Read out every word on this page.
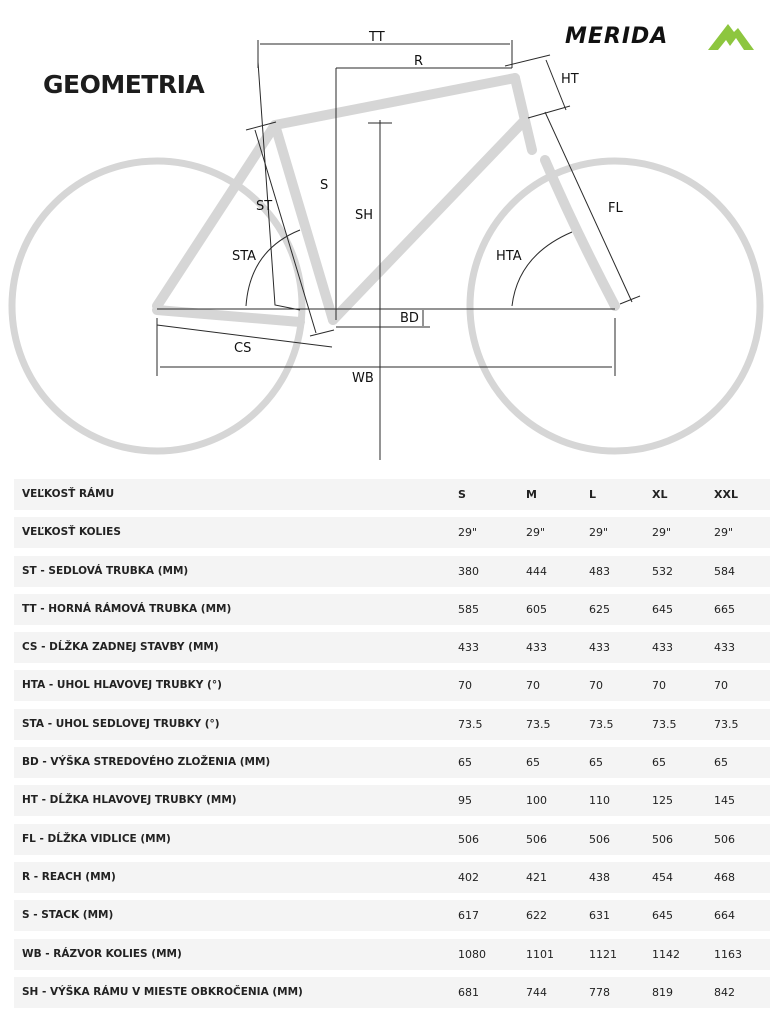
GEOMETRIA
MERIDA
TT
R
HT
S
ST
SH	FL
STA	HTA
BD
CS
WB
VEĽKOSŤ RÁMU	S	M	L	XL	XXL
VEĽKOSŤ KOLIES	29"	29"	29"	29"	29"
ST - SEDLOVÁ TRUBKA (MM)	380	444	483	532	584
TT - HORNÁ RÁMOVÁ TRUBKA (MM)	585	605	625	645	665
CS - DĹŽKA ZADNEJ STAVBY (MM)	433	433	433	433	433
HTA - UHOL HLAVOVEJ TRUBKY (°)	70	70	70	70	70
STA - UHOL SEDLOVEJ TRUBKY (°)	73.5	73.5	73.5	73.5	73.5
BD - VÝŠKA STREDOVÉHO ZLOŽENIA (MM)	65	65	65	65	65
HT - DĹŽKA HLAVOVEJ TRUBKY (MM)	95	100	110	125	145
FL - DĹŽKA VIDLICE (MM)	506	506	506	506	506
R - REACH (MM)	402	421	438	454	468
S - STACK (MM)	617	622	631	645	664
WB - RÁZVOR KOLIES (MM)	1080	1101	1121	1142	1163
SH - VÝŠKA RÁMU V MIESTE OBKROČENIA (MM)	681	744	778	819	842
